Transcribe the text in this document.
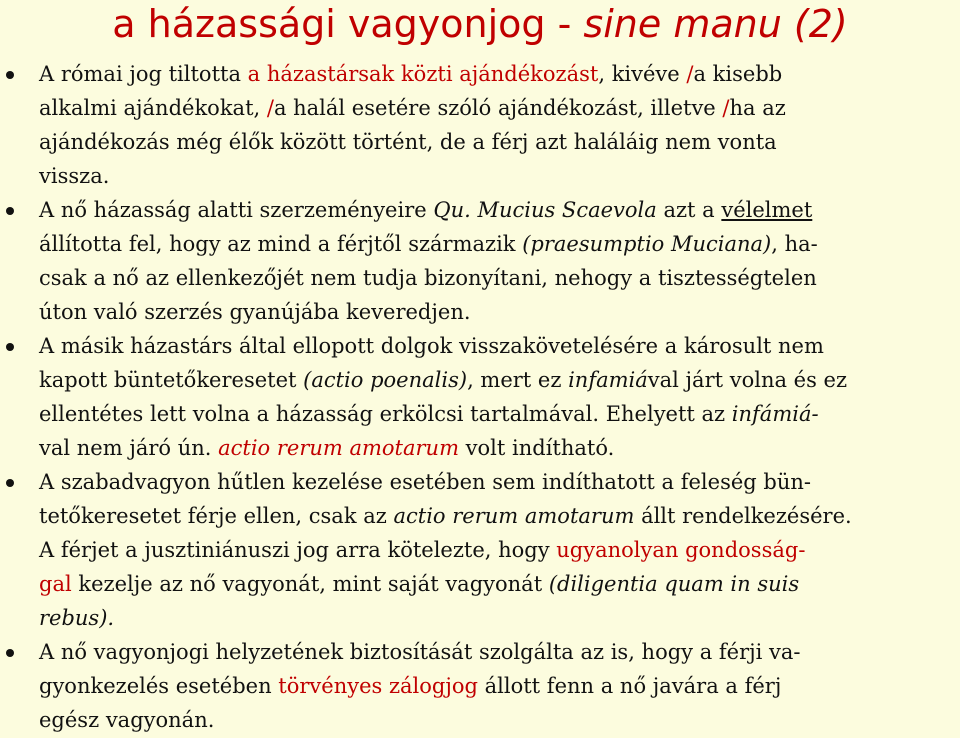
a házassági vagyonjog - sine manu (2)
A római jog tiltotta a házastársak közti ajándékozást, kivéve /a kisebb
alkalmi ajándékokat, /a halál esetére szóló ajándékozást, illetve /ha az
ajándékozás még élők között történt, de a férj azt haláláig nem vonta
vissza.
A nő házasság alatti szerzeményeire Qu. Mucius Scaevola azt a vélelmet
állította fel, hogy az mind a férjtől származik (praesumptio Muciana), ha-
csak a nő az ellenkezőjét nem tudja bizonyítani, nehogy a tisztességtelen
úton való szerzés gyanújába keveredjen.
A másik házastárs által ellopott dolgok visszakövetelésére a károsult nem
kapott büntetőkeresetet (actio poenalis), mert ez infamiával járt volna és ez
ellentétes lett volna a házasság erkölcsi tartalmával. Ehelyett az infámiá-
val nem járó ún. actio rerum amotarum volt indítható.
A szabadvagyon hűtlen kezelése esetében sem indíthatott a feleség bün-
tetőkeresetet férje ellen, csak az actio rerum amotarum állt rendelkezésére.
A férjet a jusztiniánuszi jog arra kötelezte, hogy ugyanolyan gondosság-
gal kezelje az nő vagyonát, mint saját vagyonát (diligentia quam in suis
rebus).
A nő vagyonjogi helyzetének biztosítását szolgálta az is, hogy a férji va-
gyonkezelés esetében törvényes zálogjog állott fenn a nő javára a férj
egész vagyonán.
